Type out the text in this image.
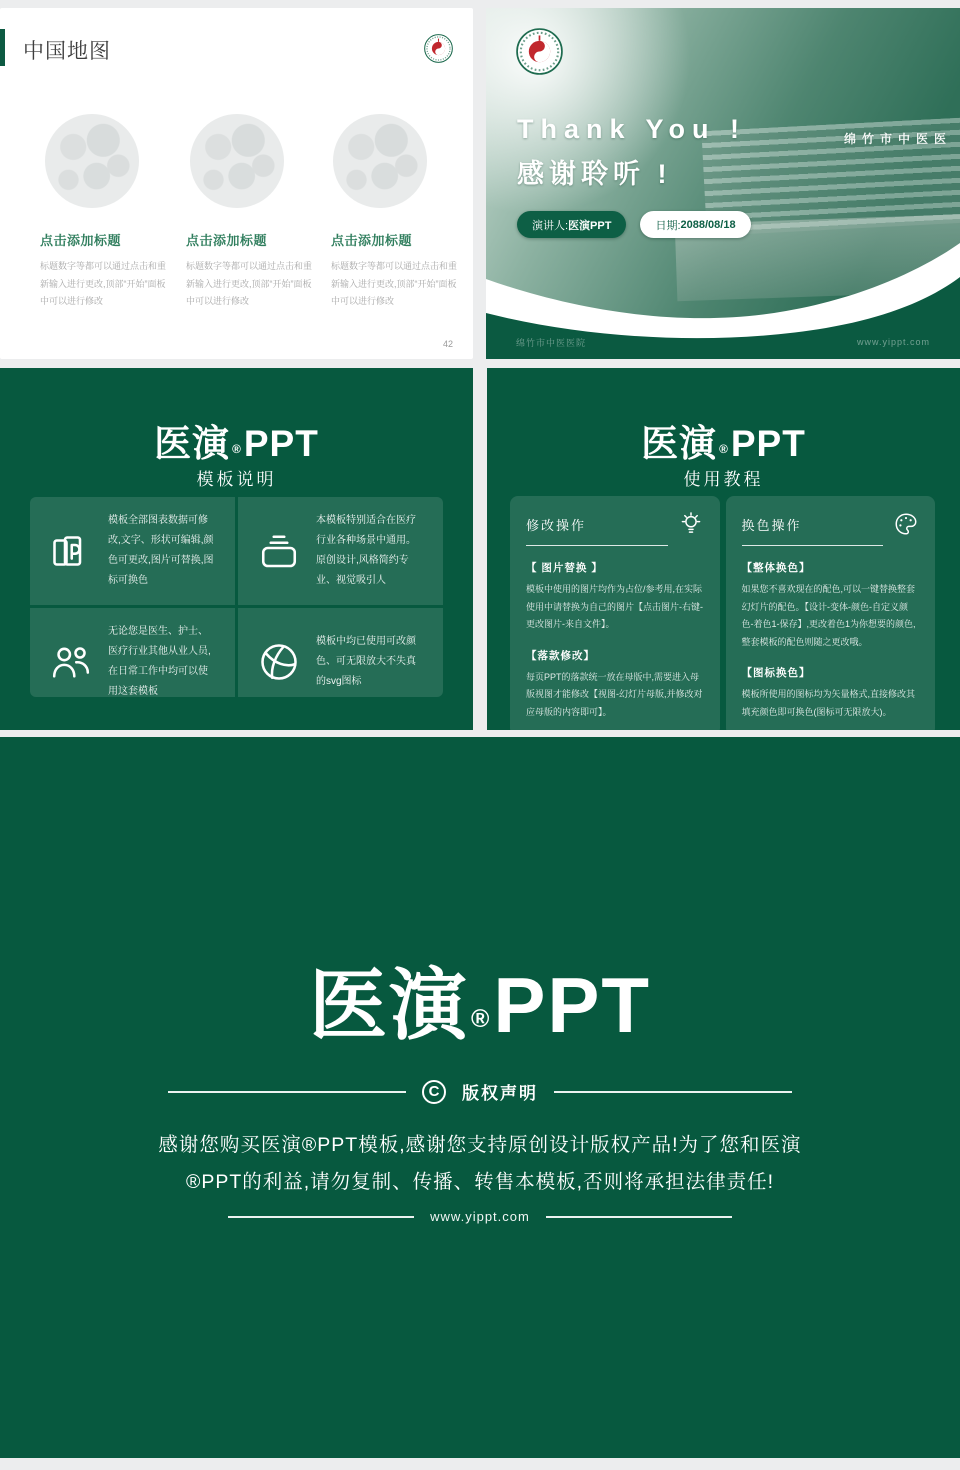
中国地图
点击添加标题

标题数字等都可以通过点击和重新输入进行更改,顶部“开始”面板中可以进行修改

点击添加标题

标题数字等都可以通过点击和重新输入进行更改,顶部“开始”面板中可以进行修改

点击添加标题

标题数字等都可以通过点击和重新输入进行更改,顶部“开始”面板中可以进行修改

42
绵竹市中医医
Thank You !
感谢聆听 !
演讲人: 医演PPT	日期: 2088/08/18
绵竹市中医医院	www.yippt.com
医演 ®PPT
模板说明

模板全部图表数据可修改,文字、形状可编辑,颜色可更改,图片可替换,图标可换色

本模板特别适合在医疗行业各种场景中通用。原创设计,风格简约专业、视觉吸引人

无论您是医生、护士、医疗行业其他从业人员,在日常工作中均可以使用这套模板

模板中均已使用可改颜色、可无限放大不失真的svg图标

医演 ®PPT
使用教程
修改操作
【 图片替换 】
模板中使用的图片均作为占位/参考用,在实际使用中请替换为自己的图片【点击图片-右键-更改图片-来自文件】。
【落款修改】
每页PPT的落款统一放在母版中,需要进入母版视图才能修改【视图-幻灯片母版,并修改对应母版的内容即可】。
换色操作
【整体换色】
如果您不喜欢现在的配色,可以一键替换整套幻灯片的配色。【设计-变体-颜色-自定义颜色-着色1-保存】,更改着色1为你想要的颜色,整套模板的配色则随之更改哦。
【图标换色】
模板所使用的图标均为矢量格式,直接修改其填充颜色即可换色(图标可无限放大)。
医演®PPT
C	版权声明
感谢您购买医演®PPT模板,感谢您支持原创设计版权产品!为了您和医演®PPT的利益,请勿复制、传播、转售本模板,否则将承担法律责任!
www.yippt.com
